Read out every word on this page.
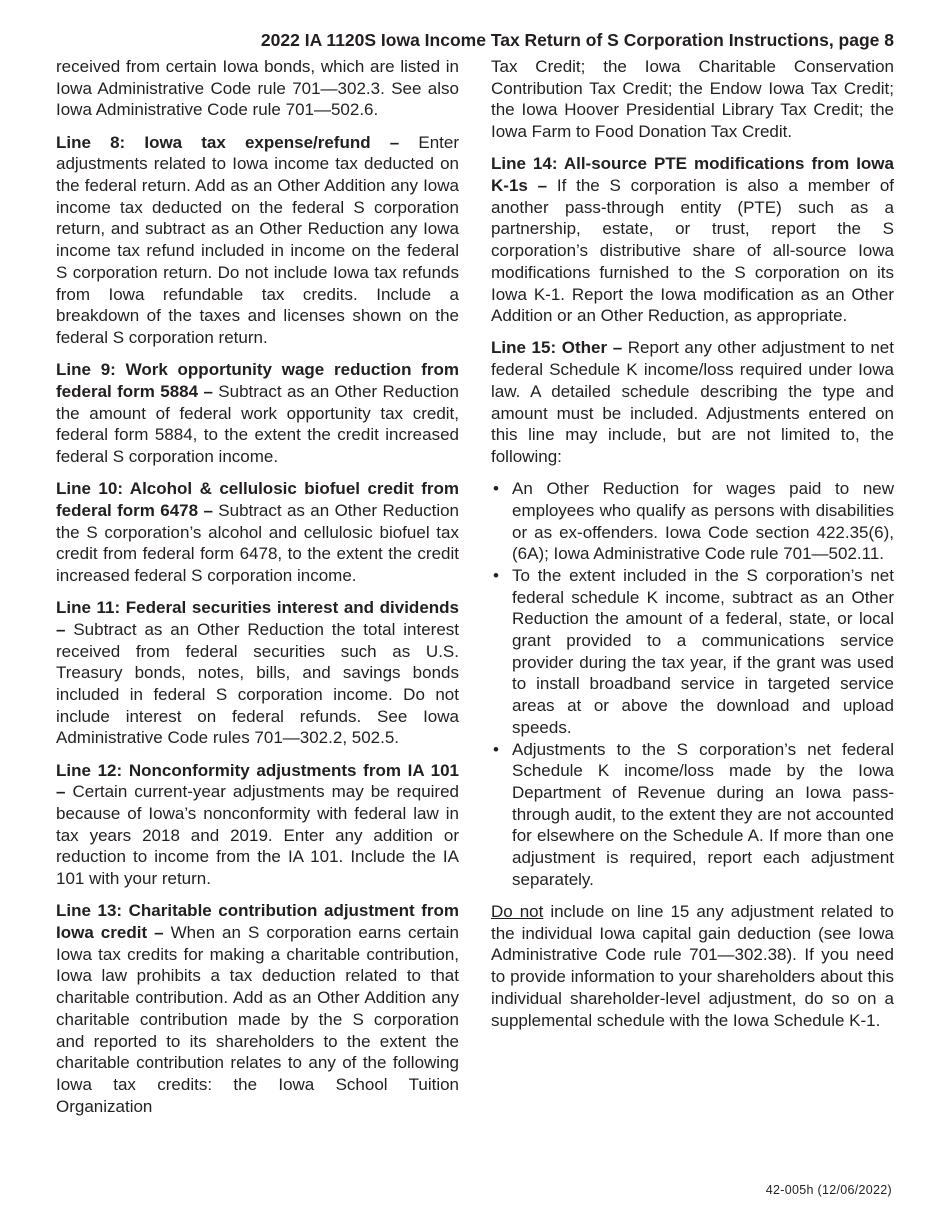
2022 IA 1120S Iowa Income Tax Return of S Corporation Instructions, page 8

received from certain Iowa bonds, which are listed in Iowa Administrative Code rule 701—302.3. See also Iowa Administrative Code rule 701—502.6.

Line 8: Iowa tax expense/refund – Enter adjustments related to Iowa income tax deducted on the federal return. Add as an Other Addition any Iowa income tax deducted on the federal S corporation return, and subtract as an Other Reduction any Iowa income tax refund included in income on the federal S corporation return. Do not include Iowa tax refunds from Iowa refundable tax credits. Include a breakdown of the taxes and licenses shown on the federal S corporation return.

Line 9: Work opportunity wage reduction from federal form 5884 – Subtract as an Other Reduction the amount of federal work opportunity tax credit, federal form 5884, to the extent the credit increased federal S corporation income.

Line 10: Alcohol & cellulosic biofuel credit from federal form 6478 – Subtract as an Other Reduction the S corporation’s alcohol and cellulosic biofuel tax credit from federal form 6478, to the extent the credit increased federal S corporation income.

Line 11: Federal securities interest and dividends – Subtract as an Other Reduction the total interest received from federal securities such as U.S. Treasury bonds, notes, bills, and savings bonds included in federal S corporation income. Do not include interest on federal refunds. See Iowa Administrative Code rules 701—302.2, 502.5.

Line 12: Nonconformity adjustments from IA 101 – Certain current-year adjustments may be required because of Iowa’s nonconformity with federal law in tax years 2018 and 2019. Enter any addition or reduction to income from the IA 101. Include the IA 101 with your return.

Line 13: Charitable contribution adjustment from Iowa credit – When an S corporation earns certain Iowa tax credits for making a charitable contribution, Iowa law prohibits a tax deduction related to that charitable contribution. Add as an Other Addition any charitable contribution made by the S corporation and reported to its shareholders to the extent the charitable contribution relates to any of the following Iowa tax credits: the Iowa School Tuition Organization

Tax Credit; the Iowa Charitable Conservation Contribution Tax Credit; the Endow Iowa Tax Credit; the Iowa Hoover Presidential Library Tax Credit; the Iowa Farm to Food Donation Tax Credit.

Line 14: All-source PTE modifications from Iowa K-1s – If the S corporation is also a member of another pass-through entity (PTE) such as a partnership, estate, or trust, report the S corporation’s distributive share of all-source Iowa modifications furnished to the S corporation on its Iowa K-1. Report the Iowa modification as an Other Addition or an Other Reduction, as appropriate.

Line 15: Other – Report any other adjustment to net federal Schedule K income/loss required under Iowa law. A detailed schedule describing the type and amount must be included. Adjustments entered on this line may include, but are not limited to, the following:

• An Other Reduction for wages paid to new employees who qualify as persons with disabilities or as ex-offenders. Iowa Code section 422.35(6), (6A); Iowa Administrative Code rule 701—502.11.
• To the extent included in the S corporation’s net federal schedule K income, subtract as an Other Reduction the amount of a federal, state, or local grant provided to a communications service provider during the tax year, if the grant was used to install broadband service in targeted service areas at or above the download and upload speeds.
• Adjustments to the S corporation’s net federal Schedule K income/loss made by the Iowa Department of Revenue during an Iowa pass-through audit, to the extent they are not accounted for elsewhere on the Schedule A. If more than one adjustment is required, report each adjustment separately.

Do not include on line 15 any adjustment related to the individual Iowa capital gain deduction (see Iowa Administrative Code rule 701—302.38). If you need to provide information to your shareholders about this individual shareholder-level adjustment, do so on a supplemental schedule with the Iowa Schedule K-1.

42-005h (12/06/2022)
